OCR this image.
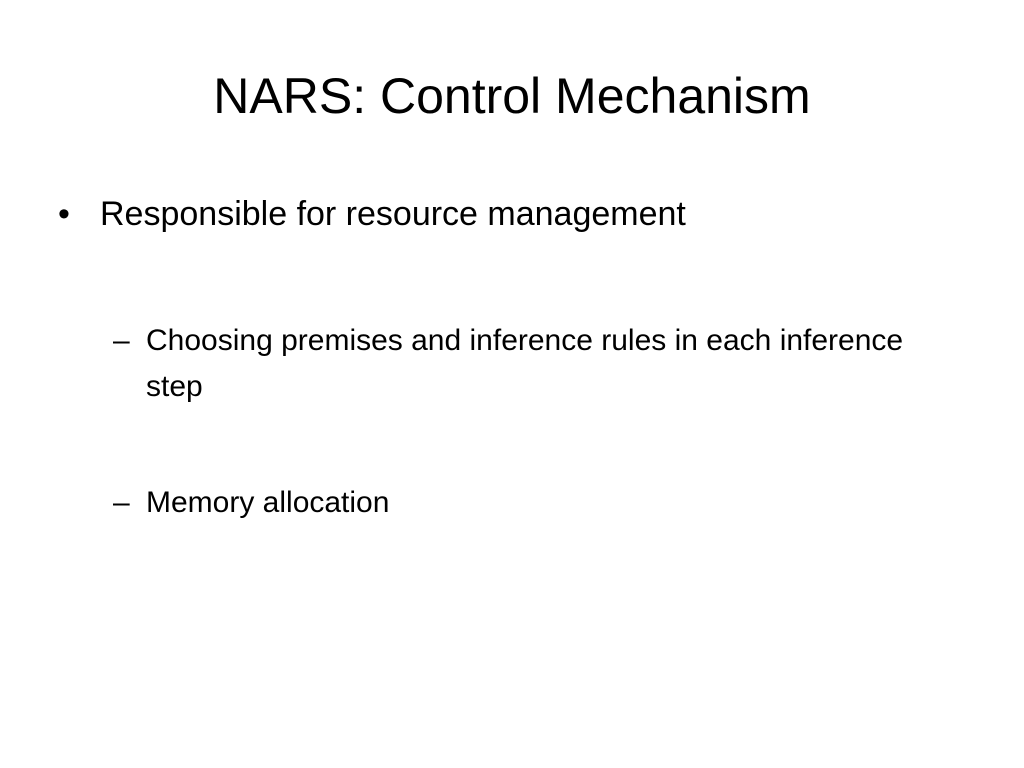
NARS: Control Mechanism
• Responsible for resource management
– Choosing premises and inference rules in each inference step
– Memory allocation
